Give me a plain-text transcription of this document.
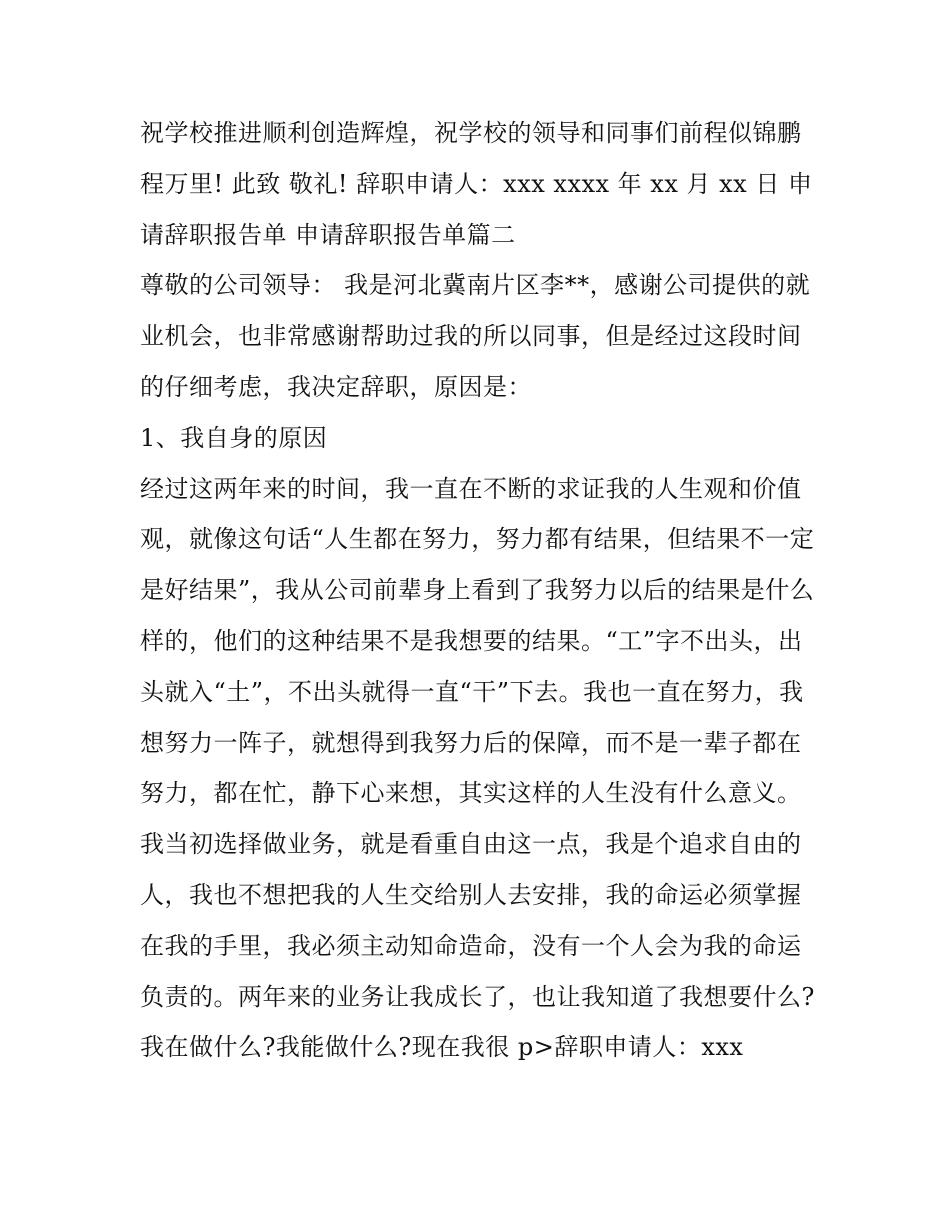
祝学校推进顺利创造辉煌，祝学校的领导和同事们前程似锦鹏程万里! 此致 敬礼! 辞职申请人：xxx xxxx 年 xx 月 xx 日 申请辞职报告单 申请辞职报告单篇二

尊敬的公司领导： 我是河北冀南片区李**，感谢公司提供的就业机会，也非常感谢帮助过我的所以同事，但是经过这段时间的仔细考虑，我决定辞职，原因是：

1、我自身的原因

经过这两年来的时间，我一直在不断的求证我的人生观和价值观，就像这句话“人生都在努力，努力都有结果，但结果不一定是好结果”，我从公司前辈身上看到了我努力以后的结果是什么样的，他们的这种结果不是我想要的结果。“工”字不出头，出头就入“土”，不出头就得一直“干”下去。我也一直在努力，我想努力一阵子，就想得到我努力后的保障，而不是一辈子都在努力，都在忙，静下心来想，其实这样的人生没有什么意义。

我当初选择做业务，就是看重自由这一点，我是个追求自由的人，我也不想把我的人生交给别人去安排，我的命运必须掌握在我的手里，我必须主动知命造命，没有一个人会为我的命运负责的。两年来的业务让我成长了，也让我知道了我想要什么?我在做什么?我能做什么?现在我很 p>辞职申请人：xxx
